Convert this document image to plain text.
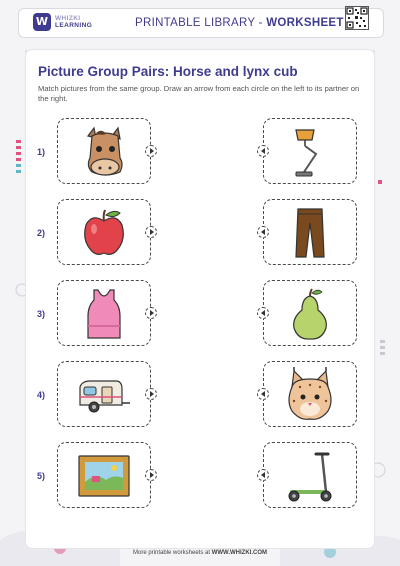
W	WHIZKI
LEARNING	PRINTABLE LIBRARY - WORKSHEET
Picture Group Pairs: Horse and lynx cub
Match pictures from the same group. Draw an arrow from each circle on the left to its partner on the right.
1)
2)
3)
4)
5)
More printable worksheets at WWW.WHIZKI.COM
